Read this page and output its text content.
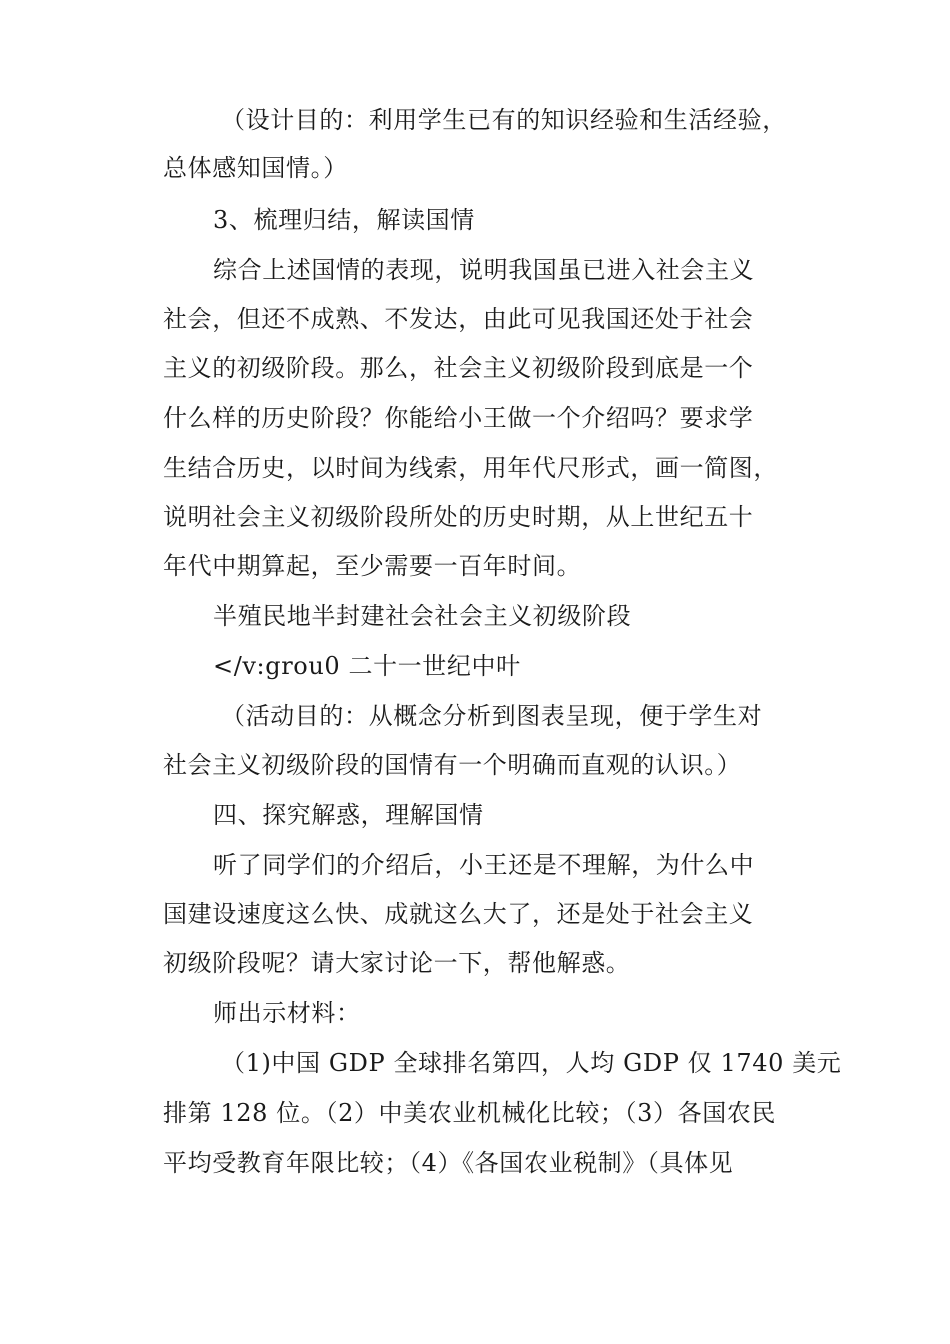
（设计目的：利用学生已有的知识经验和生活经验，
总体感知国情。）
3、梳理归结，解读国情
综合上述国情的表现，说明我国虽已进入社会主义
社会，但还不成熟、不发达，由此可见我国还处于社会
主义的初级阶段。那么，社会主义初级阶段到底是一个
什么样的历史阶段？你能给小王做一个介绍吗？要求学
生结合历史，以时间为线索，用年代尺形式，画一简图，
说明社会主义初级阶段所处的历史时期，从上世纪五十
年代中期算起，至少需要一百年时间。
半殖民地半封建社会社会主义初级阶段
</v:grou0 二十一世纪中叶
（活动目的：从概念分析到图表呈现，便于学生对
社会主义初级阶段的国情有一个明确而直观的认识。）
四、探究解惑，理解国情
听了同学们的介绍后，小王还是不理解，为什么中
国建设速度这么快、成就这么大了，还是处于社会主义
初级阶段呢？请大家讨论一下，帮他解惑。
师出示材料：
（1)中国 GDP 全球排名第四，人均 GDP 仅 1740 美元
排第 128 位。（2）中美农业机械化比较；（3）各国农民
平均受教育年限比较；（4）《各国农业税制》（具体见
